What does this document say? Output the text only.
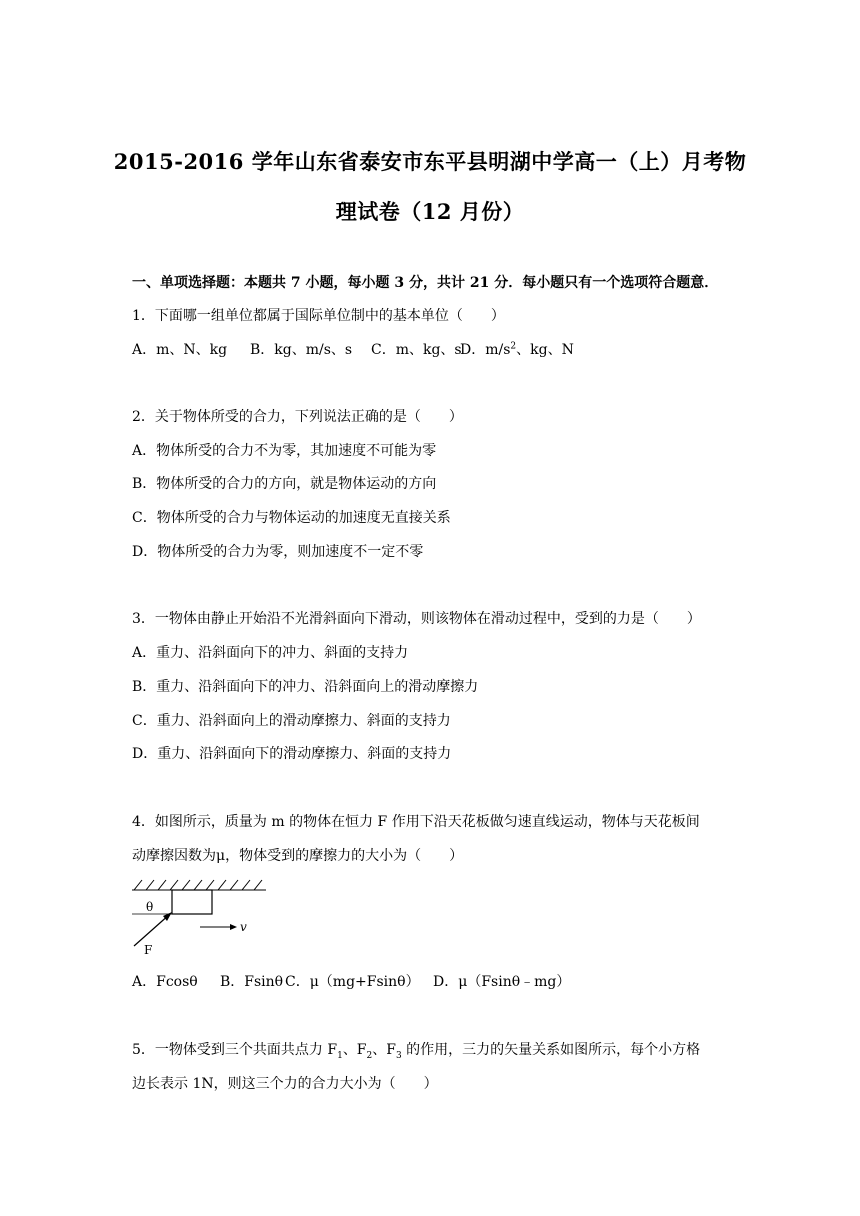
2015-2016 学年山东省泰安市东平县明湖中学高一（上）月考物
理试卷（12 月份）
一、单项选择题：本题共 7 小题，每小题 3 分，共计 21 分．每小题只有一个选项符合题意．
1．下面哪一组单位都属于国际单位制中的基本单位（　　）
A．m、N、kg B．kg、m/s、s C．m、kg、s
D．$m/s^2$、kg、N
2．关于物体所受的合力，下列说法正确的是（　　）
A．物体所受的合力不为零，其加速度不可能为零
B．物体所受的合力的方向，就是物体运动的方向
C．物体所受的合力与物体运动的加速度无直接关系
D．物体所受的合力为零，则加速度不一定不零
3．一物体由静止开始沿不光滑斜面向下滑动，则该物体在滑动过程中，受到的力是（　　）
A．重力、沿斜面向下的冲力、斜面的支持力
B．重力、沿斜面向下的冲力、沿斜面向上的滑动摩擦力
C．重力、沿斜面向上的滑动摩擦力、斜面的支持力
D．重力、沿斜面向下的滑动摩擦力、斜面的支持力
4．如图所示，质量为 m 的物体在恒力 F 作用下沿天花板做匀速直线运动，物体与天花板间
动摩擦因数为μ，物体受到的摩擦力的大小为（　　）
θ
F
v
A．Fcosθ B．Fsinθ C．μ（mg+Fsinθ） D．μ（Fsinθ﹣mg）
5．一物体受到三个共面共点力 $F_1$、$F_2$、$F_3$ 的作用，三力的矢量关系如图所示，每个小方格
边长表示 1N，则这三个力的合力大小为（　　）
